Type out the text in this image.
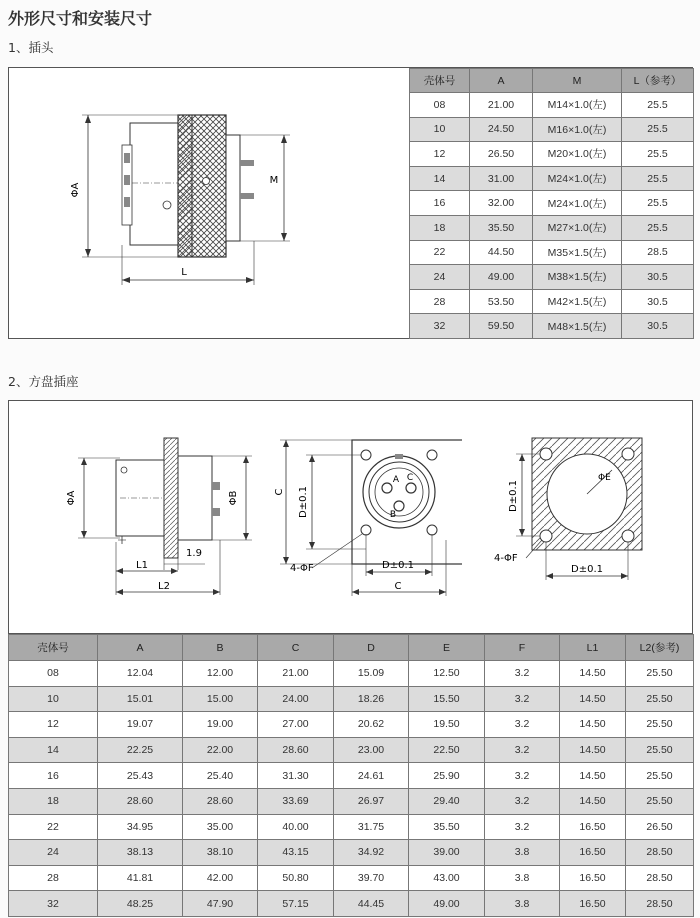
外形尺寸和安装尺寸
1、插头
ΦA
M
L
壳体号	A	M	L（参考）
08	21.00	M14×1.0(左)	25.5
10	24.50	M16×1.0(左)	25.5
12	26.50	M20×1.0(左)	25.5
14	31.00	M24×1.0(左)	25.5
16	32.00	M24×1.0(左)	25.5
18	35.50	M27×1.0(左)	25.5
22	44.50	M35×1.5(左)	28.5
24	49.00	M38×1.5(左)	30.5
28	53.50	M42×1.5(左)	30.5
32	59.50	M48×1.5(左)	30.5
2、方盘插座
ΦA	ΦB
1.9
L1
L2
C D±0.1
4-ΦF	D±0.1
C
A C
B
ΦE
D±0.1
4-ΦF
D±0.1
壳体号	A	B	C	D	E	F	L1	L2(参考)
08	12.04	12.00	21.00	15.09	12.50	3.2	14.50	25.50
10	15.01	15.00	24.00	18.26	15.50	3.2	14.50	25.50
12	19.07	19.00	27.00	20.62	19.50	3.2	14.50	25.50
14	22.25	22.00	28.60	23.00	22.50	3.2	14.50	25.50
16	25.43	25.40	31.30	24.61	25.90	3.2	14.50	25.50
18	28.60	28.60	33.69	26.97	29.40	3.2	14.50	25.50
22	34.95	35.00	40.00	31.75	35.50	3.2	16.50	26.50
24	38.13	38.10	43.15	34.92	39.00	3.8	16.50	28.50
28	41.81	42.00	50.80	39.70	43.00	3.8	16.50	28.50
32	48.25	47.90	57.15	44.45	49.00	3.8	16.50	28.50
